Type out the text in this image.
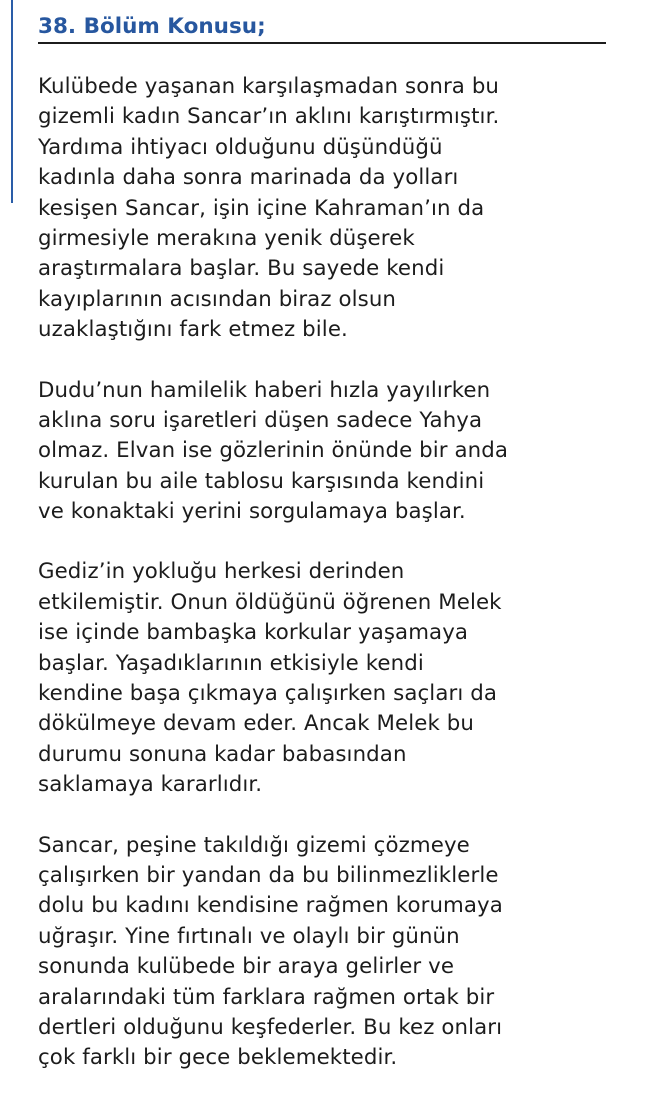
38. Bölüm Konusu;
Kulübede yaşanan karşılaşmadan sonra bu
gizemli kadın Sancar’ın aklını karıştırmıştır.
Yardıma ihtiyacı olduğunu düşündüğü
kadınla daha sonra marinada da yolları
kesişen Sancar, işin içine Kahraman’ın da
girmesiyle merakına yenik düşerek
araştırmalara başlar. Bu sayede kendi
kayıplarının acısından biraz olsun
uzaklaştığını fark etmez bile.
Dudu’nun hamilelik haberi hızla yayılırken
aklına soru işaretleri düşen sadece Yahya
olmaz. Elvan ise gözlerinin önünde bir anda
kurulan bu aile tablosu karşısında kendini
ve konaktaki yerini sorgulamaya başlar.
Gediz’in yokluğu herkesi derinden
etkilemiştir. Onun öldüğünü öğrenen Melek
ise içinde bambaşka korkular yaşamaya
başlar. Yaşadıklarının etkisiyle kendi
kendine başa çıkmaya çalışırken saçları da
dökülmeye devam eder. Ancak Melek bu
durumu sonuna kadar babasından
saklamaya kararlıdır.
Sancar, peşine takıldığı gizemi çözmeye
çalışırken bir yandan da bu bilinmezliklerle
dolu bu kadını kendisine rağmen korumaya
uğraşır. Yine fırtınalı ve olaylı bir günün
sonunda kulübede bir araya gelirler ve
aralarındaki tüm farklara rağmen ortak bir
dertleri olduğunu keşfederler. Bu kez onları
çok farklı bir gece beklemektedir.
